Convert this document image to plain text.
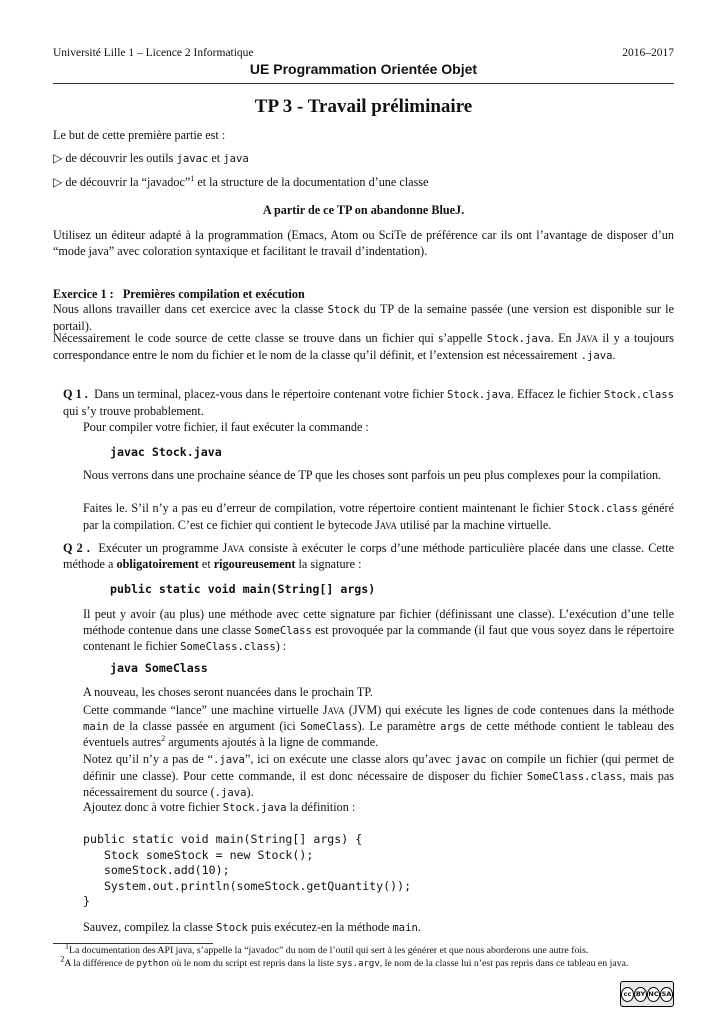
Université Lille 1 – Licence 2 Informatique	2016–2017
UE Programmation Orientée Objet
TP 3 - Travail préliminaire
Le but de cette première partie est :
▷ de découvrir les outils javac et java
▷ de découvrir la “javadoc”$^1$ et la structure de la documentation d’une classe
A partir de ce TP on abandonne BlueJ.
Utilisez un éditeur adapté à la programmation (Emacs, Atom ou SciTe de préférence car ils ont l’avantage de disposer d’un “mode java” avec coloration syntaxique et facilitant le travail d’indentation).
Exercice 1 : Premières compilation et exécution
Nous allons travailler dans cet exercice avec la classe Stock du TP de la semaine passée (une version est disponible sur le portail).
Nécessairement le code source de cette classe se trouve dans un fichier qui s’appelle Stock.java. En Java il y a toujours correspondance entre le nom du fichier et le nom de la classe qu’il définit, et l’extension est nécessairement .java.
Q 1 . Dans un terminal, placez-vous dans le répertoire contenant votre fichier Stock.java. Effacez le fichier Stock.class qui s’y trouve probablement.
Pour compiler votre fichier, il faut exécuter la commande :
javac Stock.java
Nous verrons dans une prochaine séance de TP que les choses sont parfois un peu plus complexes pour la compilation.
Faites le. S’il n’y a pas eu d’erreur de compilation, votre répertoire contient maintenant le fichier Stock.class généré par la compilation. C’est ce fichier qui contient le bytecode Java utilisé par la machine virtuelle.
Q 2 . Exécuter un programme Java consiste à exécuter le corps d’une méthode particulière placée dans une classe. Cette méthode a obligatoirement et rigoureusement la signature :
public static void main(String[] args)
Il peut y avoir (au plus) une méthode avec cette signature par fichier (définissant une classe). L’exécution d’une telle méthode contenue dans une classe SomeClass est provoquée par la commande (il faut que vous soyez dans le répertoire contenant le fichier SomeClass.class) :
java SomeClass
A nouveau, les choses seront nuancées dans le prochain TP.
Cette commande “lance” une machine virtuelle Java (JVM) qui exécute les lignes de code contenues dans la méthode main de la classe passée en argument (ici SomeClass). Le paramètre args de cette méthode contient le tableau des éventuels autres$^2$ arguments ajoutés à la ligne de commande.
Notez qu’il n’y a pas de “.java”, ici on exécute une classe alors qu’avec javac on compile un fichier (qui permet de définir une classe). Pour cette commande, il est donc nécessaire de disposer du fichier SomeClass.class, mais pas nécessairement du source (.java).
Ajoutez donc à votre fichier Stock.java la définition :
public static void main(String[] args) {
Stock someStock = new Stock();
someStock.add(10);
System.out.println(someStock.getQuantity());
}
Sauvez, compilez la classe Stock puis exécutez-en la méthode main.
$^1$La documentation des API java, s’appelle la “javadoc” du nom de l’outil qui sert à les générer et que nous aborderons une autre fois.
$^2$A la différence de python où le nom du script est repris dans la liste sys.argv, le nom de la classe lui n’est pas repris dans ce tableau en java.
cc BY NC SA
